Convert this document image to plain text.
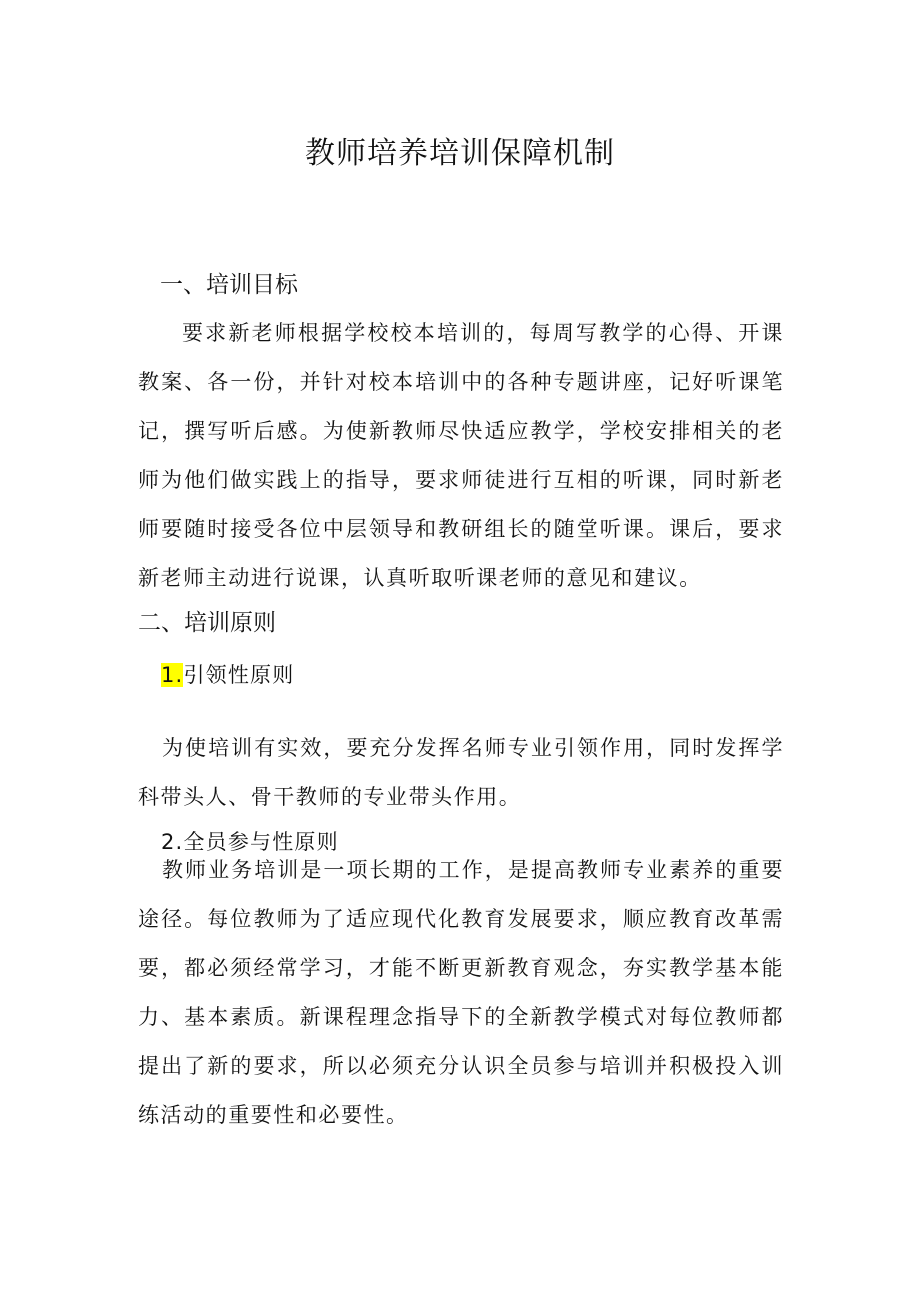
教师培养培训保障机制
一、培训目标

要求新老师根据学校校本培训的，每周写教学的心得、开课教案、各一份，并针对校本培训中的各种专题讲座，记好听课笔记，撰写听后感。为使新教师尽快适应教学，学校安排相关的老师为他们做实践上的指导，要求师徒进行互相的听课，同时新老师要随时接受各位中层领导和教研组长的随堂听课。课后，要求新老师主动进行说课，认真听取听课老师的意见和建议。

二、培训原则
1.引领性原则

为使培训有实效，要充分发挥名师专业引领作用，同时发挥学科带头人、骨干教师的专业带头作用。

2.全员参与性原则

教师业务培训是一项长期的工作，是提高教师专业素养的重要途径。每位教师为了适应现代化教育发展要求，顺应教育改革需要，都必须经常学习，才能不断更新教育观念，夯实教学基本能力、基本素质。新课程理念指导下的全新教学模式对每位教师都提出了新的要求，所以必须充分认识全员参与培训并积极投入训练活动的重要性和必要性。
